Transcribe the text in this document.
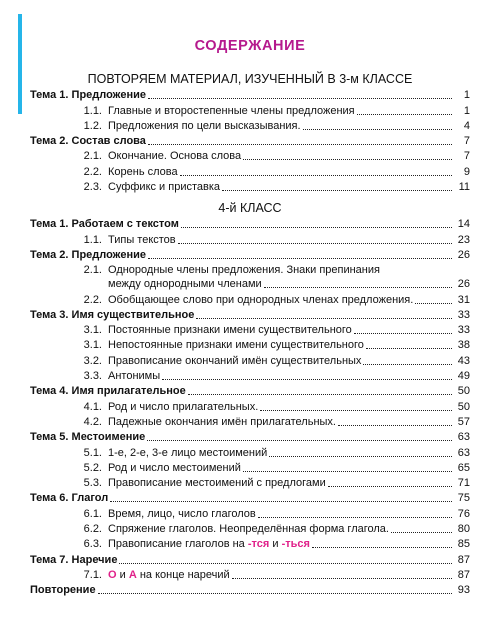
СОДЕРЖАНИЕ
ПОВТОРЯЕМ МАТЕРИАЛ, ИЗУЧЕННЫЙ В 3-м КЛАССЕ
Тема 1. Предложение	1
1.1. Главные и второстепенные члены предложения	1
1.2. Предложения по цели высказывания.	4
Тема 2. Состав слова	7
2.1. Окончание. Основа слова	7
2.2. Корень слова	9
2.3. Суффикс и приставка	11
4-й КЛАСС
Тема 1. Работаем с текстом	14
1.1. Типы текстов	23
Тема 2. Предложение	26
2.1. Однородные члены предложения. Знаки препинания
между однородными членами	26
2.2. Обобщающее слово при однородных членах предложения.	31
Тема 3. Имя существительное	33
3.1. Постоянные признаки имени существительного	33
3.1. Непостоянные признаки имени существительного	38
3.2. Правописание окончаний имён существительных	43
3.3. Антонимы	49
Тема 4. Имя прилагательное	50
4.1. Род и число прилагательных.	50
4.2. Падежные окончания имён прилагательных.	57
Тема 5. Местоимение	63
5.1. 1-е, 2-е, 3-е лицо местоимений	63
5.2. Род и число местоимений	65
5.3. Правописание местоимений с предлогами	71
Тема 6. Глагол	75
6.1. Время, лицо, число глаголов	76
6.2. Спряжение глаголов. Неопределённая форма глагола.	80
6.3. Правописание глаголов на -тся и -ться	85
Тема 7. Наречие	87
7.1. О и А на конце наречий	87
Повторение	93
